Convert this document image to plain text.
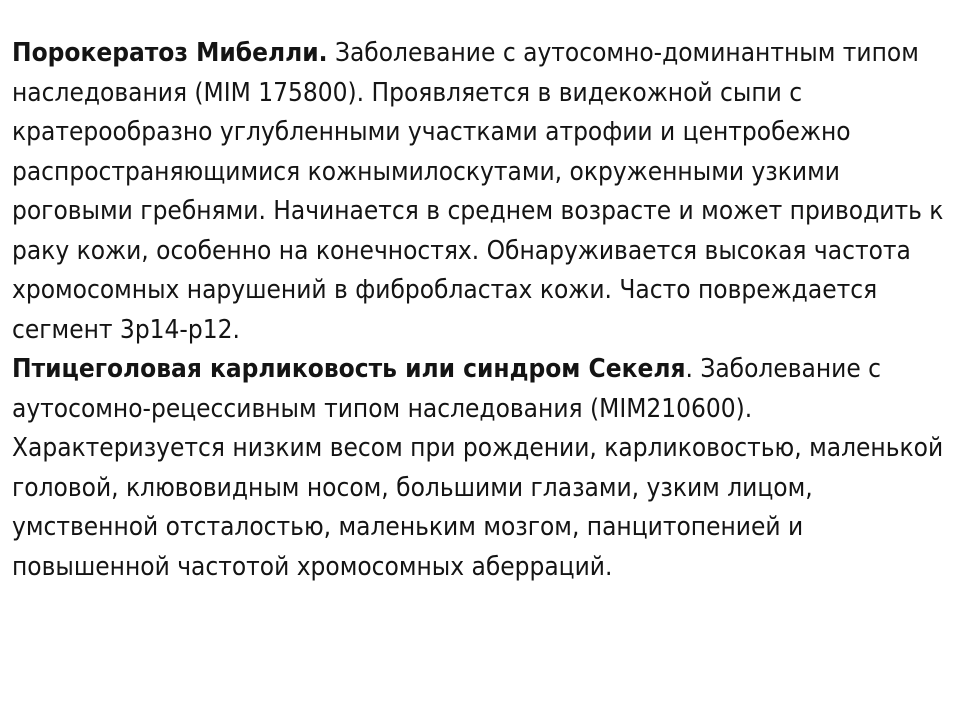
Порокератоз Мибелли. Заболевание с аутосомно-доминантным типом наследования (MIM 175800). Проявляется в видекожной сыпи с кратерообразно углубленными участками атрофии и центробежно распространяющимися кожнымилоскутами, окруженными узкими роговыми гребнями. Начинается в среднем возрасте и может приводить к раку кожи, особенно на конечностях. Обнаруживается высокая частота хромосомных нарушений в фибробластах кожи. Часто повреждается сегмент 3р14-р12.

Птицеголовая карликовость или синдром Секеля. Заболевание с аутосомно-рецессивным типом наследования (MIM210600). Характеризуется низким весом при рождении, карликовостью, маленькой головой, клювовидным носом, большими глазами, узким лицом, умственной отсталостью, маленьким мозгом, панцитопенией и повышенной частотой хромосомных аберраций.
